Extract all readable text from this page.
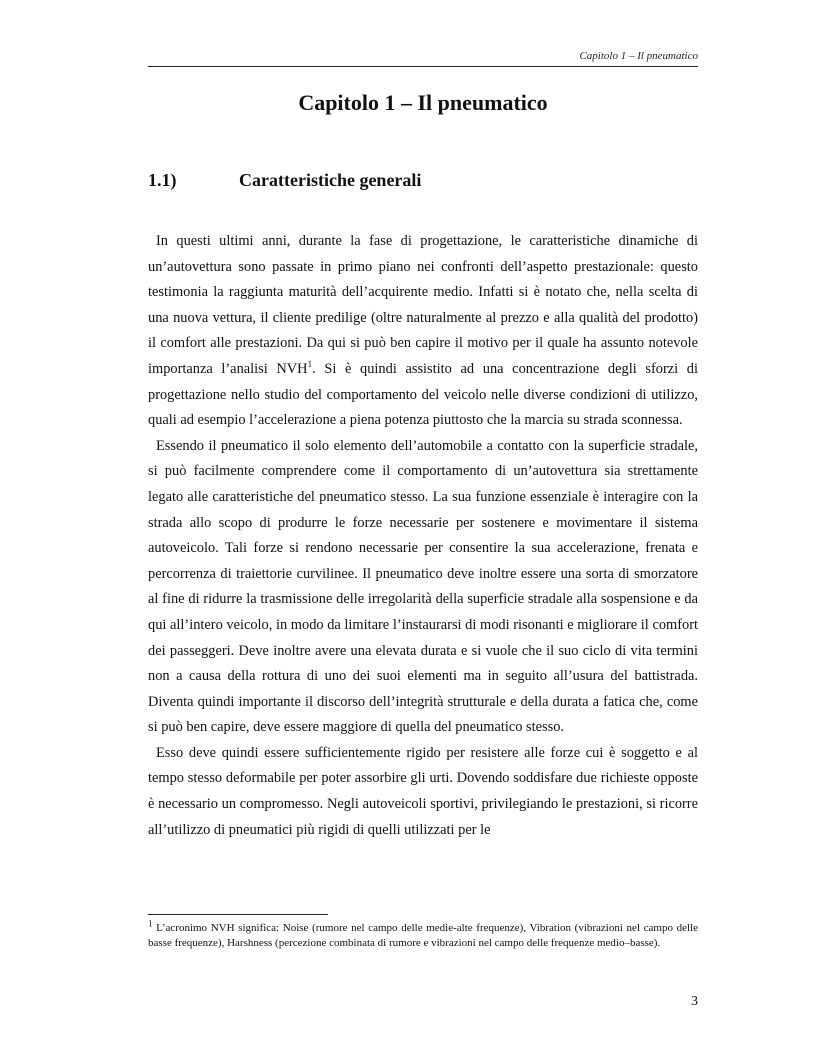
Capitolo 1 – Il pneumatico
Capitolo 1 – Il pneumatico
1.1)	Caratteristiche generali

In questi ultimi anni, durante la fase di progettazione, le caratteristiche dinamiche di un’autovettura sono passate in primo piano nei confronti dell’aspetto prestazionale: questo testimonia la raggiunta maturità dell’acquirente medio. Infatti si è notato che, nella scelta di una nuova vettura, il cliente predilige (oltre naturalmente al prezzo e alla qualità del prodotto) il comfort alle prestazioni. Da qui si può ben capire il motivo per il quale ha assunto notevole importanza l’analisi NVH$^1$. Si è quindi assistito ad una concentrazione degli sforzi di progettazione nello studio del comportamento del veicolo nelle diverse condizioni di utilizzo, quali ad esempio l’accelerazione a piena potenza piuttosto che la marcia su strada sconnessa.

Essendo il pneumatico il solo elemento dell’automobile a contatto con la superficie stradale, si può facilmente comprendere come il comportamento di un’autovettura sia strettamente legato alle caratteristiche del pneumatico stesso. La sua funzione essenziale è interagire con la strada allo scopo di produrre le forze necessarie per sostenere e movimentare il sistema autoveicolo. Tali forze si rendono necessarie per consentire la sua accelerazione, frenata e percorrenza di traiettorie curvilinee. Il pneumatico deve inoltre essere una sorta di smorzatore al fine di ridurre la trasmissione delle irregolarità della superficie stradale alla sospensione e da qui all’intero veicolo, in modo da limitare l’instaurarsi di modi risonanti e migliorare il comfort dei passeggeri. Deve inoltre avere una elevata durata e si vuole che il suo ciclo di vita termini non a causa della rottura di uno dei suoi elementi ma in seguito all’usura del battistrada. Diventa quindi importante il discorso dell’integrità strutturale e della durata a fatica che, come si può ben capire, deve essere maggiore di quella del pneumatico stesso.

Esso deve quindi essere sufficientemente rigido per resistere alle forze cui è soggetto e al tempo stesso deformabile per poter assorbire gli urti. Dovendo soddisfare due richieste opposte è necessario un compromesso. Negli autoveicoli sportivi, privilegiando le prestazioni, si ricorre all’utilizzo di pneumatici più rigidi di quelli utilizzati per le

$^1$ L’acronimo NVH significa: Noise (rumore nel campo delle medie-alte frequenze), Vibration (vibrazioni nel campo delle basse frequenze), Harshness (percezione combinata di rumore e vibrazioni nel campo delle frequenze medio–basse).

3
